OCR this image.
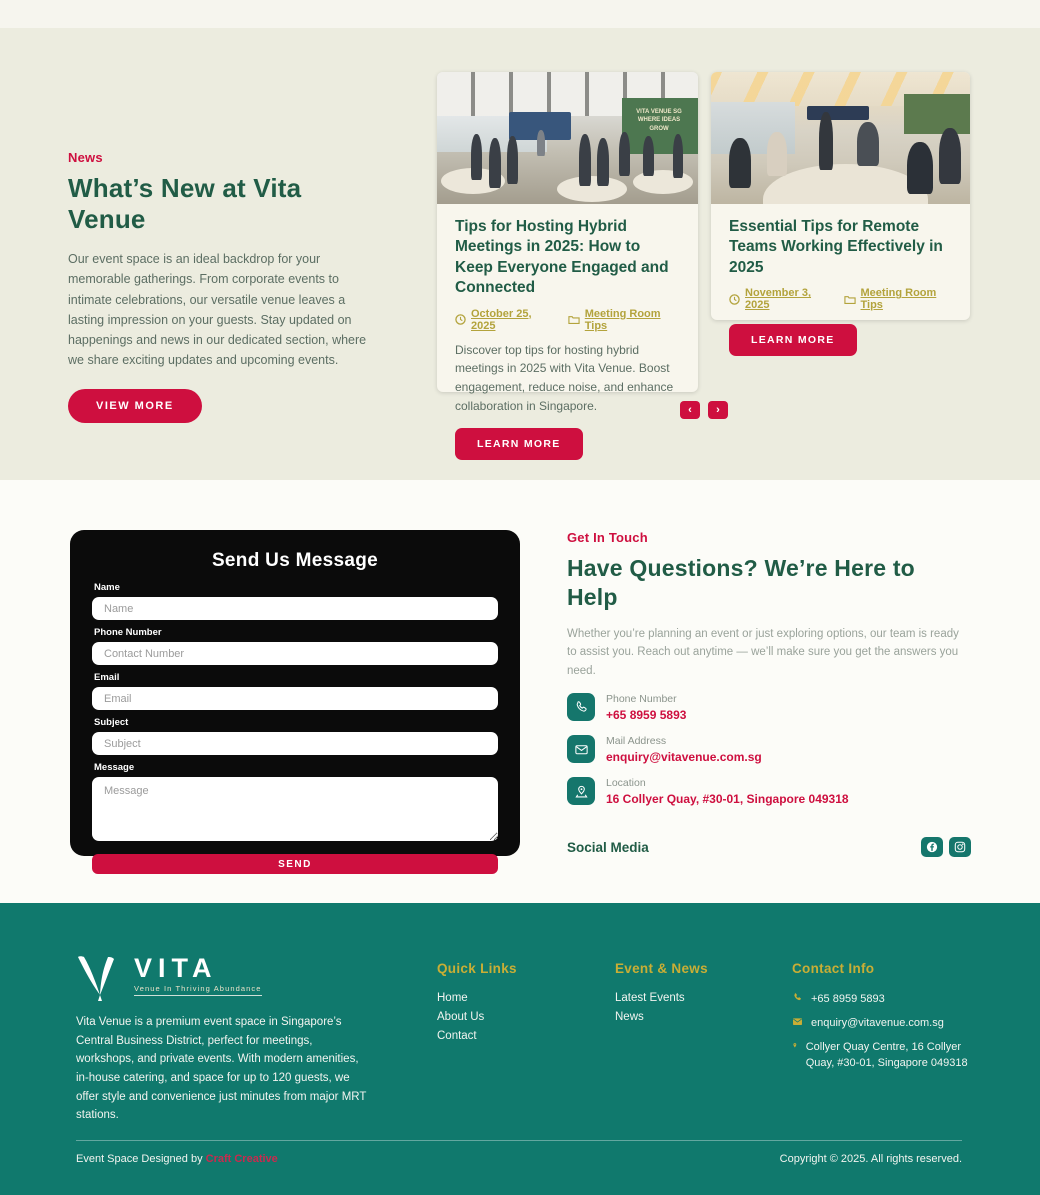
News
What’s New at Vita Venue

Our event space is an ideal backdrop for your memorable gatherings. From corporate events to intimate celebrations, our versatile venue leaves a lasting impression on your guests. Stay updated on happenings and news in our dedicated section, where we share exciting updates and upcoming events.

VIEW MORE
VITA VENUE SG WHERE IDEAS GROW
Tips for Hosting Hybrid Meetings in 2025: How to Keep Everyone Engaged and Connected
October 25, 2025
Meeting Room Tips

Discover top tips for hosting hybrid meetings in 2025 with Vita Venue. Boost engagement, reduce noise, and enhance collaboration in Singapore.

LEARN MORE
Essential Tips for Remote Teams Working Effectively in 2025
November 3, 2025
Meeting Room Tips
LEARN MORE
‹	›
Send Us Message
Name
Name
Phone Number
Contact Number
Email
Email
Subject
Subject
Message
Message SEND
Get In Touch
Have Questions? We’re Here to Help

Whether you’re planning an event or just exploring options, our team is ready to assist you. Reach out anytime — we’ll make sure you get the answers you need.

Phone Number
+65 8959 5893
Mail Address
enquiry@vitavenue.com.sg
Location
16 Collyer Quay, #30-01, Singapore 049318
Social Media
VITA
Venue In Thriving Abundance

Vita Venue is a premium event space in Singapore’s Central Business District, perfect for meetings, workshops, and private events. With modern amenities, in-house catering, and space for up to 120 guests, we offer style and convenience just minutes from major MRT stations.

Quick Links
Home
About Us
Contact
Event & News
Latest Events
News
Contact Info
+65 8959 5893
enquiry@vitavenue.com.sg
Collyer Quay Centre, 16 Collyer Quay, #30-01, Singapore 049318
Event Space Designed by Craft Creative	Copyright © 2025. All rights reserved.
